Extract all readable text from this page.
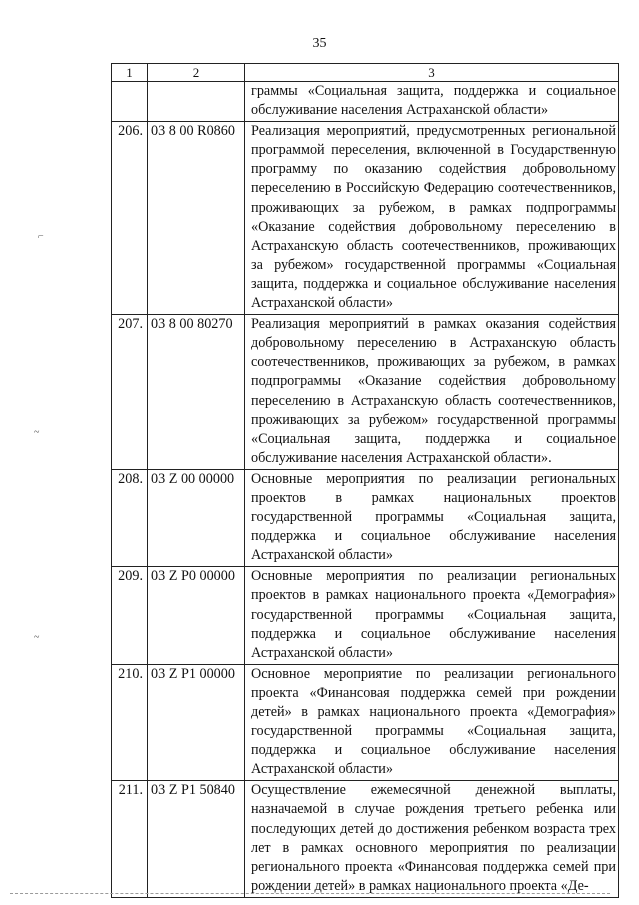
35
1	2	3
		граммы «Социальная защита, поддержка и социальное обслуживание населения Астраханской области»
206.	03 8 00 R0860	Реализация мероприятий, предусмотренных региональной программой переселения, включенной в Государственную программу по оказанию содействия добровольному переселению в Российскую Федерацию соотечественников, проживающих за рубежом, в рамках подпрограммы «Оказание содействия добровольному переселению в Астраханскую область соотечественников, проживающих за рубежом» государственной программы «Социальная защита, поддержка и социальное обслуживание населения Астраханской области»
207.	03 8 00 80270	Реализация мероприятий в рамках оказания содействия добровольному переселению в Астраханскую область соотечественников, проживающих за рубежом, в рамках подпрограммы «Оказание содействия добровольному переселению в Астраханскую область соотечественников, проживающих за рубежом» государственной программы «Социальная защита, поддержка и социальное обслуживание населения Астраханской области».
208.	03 Z 00 00000	Основные мероприятия по реализации региональных проектов в рамках национальных проектов государственной программы «Социальная защита, поддержка и социальное обслуживание населения Астраханской области»
209.	03 Z P0 00000	Основные мероприятия по реализации региональных проектов в рамках национального проекта «Демография» государственной программы «Социальная защита, поддержка и социальное обслуживание населения Астраханской области»
210.	03 Z P1 00000	Основное мероприятие по реализации регионального проекта «Финансовая поддержка семей при рождении детей» в рамках национального проекта «Демография» государственной программы «Социальная защита, поддержка и социальное обслуживание населения Астраханской области»
211.	03 Z P1 50840	Осуществление ежемесячной денежной выплаты, назначаемой в случае рождения третьего ребенка или последующих детей до достижения ребенком возраста трех лет в рамках основного мероприятия по реализации регионального проекта «Финансовая поддержка семей при рождении детей» в рамках национального проекта «Де-
⌐
~
~
